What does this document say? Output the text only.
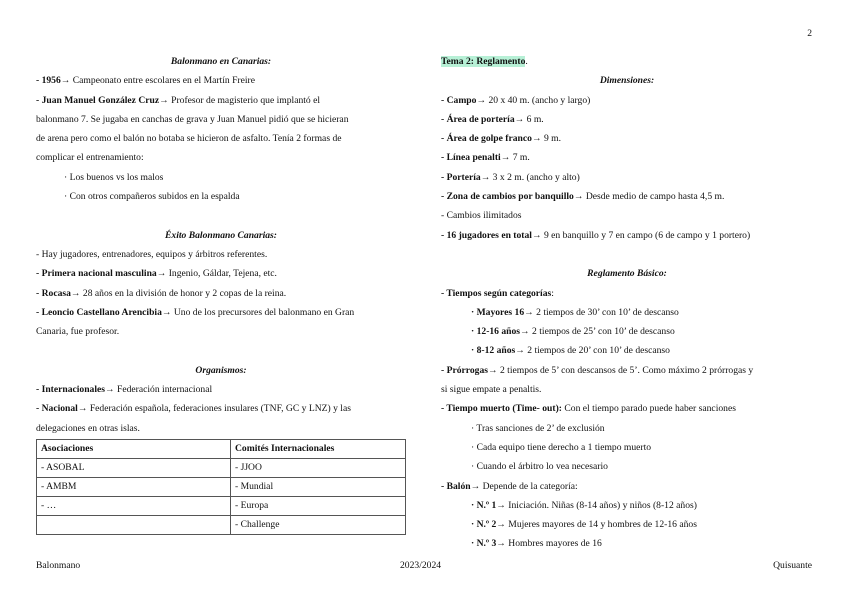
2
Balonmano en Canarias:
- 1956→ Campeonato entre escolares en el Martín Freire
- Juan Manuel González Cruz→ Profesor de magisterio que implantó el
balonmano 7. Se jugaba en canchas de grava y Juan Manuel pidió que se hicieran
de arena pero como el balón no botaba se hicieron de asfalto. Tenía 2 formas de
complicar el entrenamiento:
· Los buenos vs los malos
· Con otros compañeros subidos en la espalda
Éxito Balonmano Canarias:
- Hay jugadores, entrenadores, equipos y árbitros referentes.
- Primera nacional masculina→ Ingenio, Gáldar, Tejena, etc.
- Rocasa→ 28 años en la división de honor y 2 copas de la reina.
- Leoncio Castellano Arencibia→ Uno de los precursores del balonmano en Gran
Canaria, fue profesor.
Organismos:
- Internacionales→ Federación internacional
- Nacional→ Federación española, federaciones insulares (TNF, GC y LNZ) y las
delegaciones en otras islas.
Asociaciones	Comités Internacionales
- ASOBAL	- JJOO
- AMBM	- Mundial
- …	- Europa
	- Challenge
Tema 2: Reglamento.
Dimensiones:
- Campo→ 20 x 40 m. (ancho y largo)
- Área de portería→ 6 m.
- Área de golpe franco→ 9 m.
- Línea penalti→ 7 m.
- Portería→ 3 x 2 m. (ancho y alto)
- Zona de cambios por banquillo→ Desde medio de campo hasta 4,5 m.
- Cambios ilimitados
- 16 jugadores en total→ 9 en banquillo y 7 en campo (6 de campo y 1 portero)
Reglamento Básico:
- Tiempos según categorías:
· Mayores 16→ 2 tiempos de 30’ con 10’ de descanso
· 12-16 años→ 2 tiempos de 25’ con 10’ de descanso
· 8-12 años→ 2 tiempos de 20’ con 10’ de descanso
- Prórrogas→ 2 tiempos de 5’ con descansos de 5’. Como máximo 2 prórrogas y
si sigue empate a penaltis.
- Tiempo muerto (Time- out): Con el tiempo parado puede haber sanciones
· Tras sanciones de 2’ de exclusión
· Cada equipo tiene derecho a 1 tiempo muerto
· Cuando el árbitro lo vea necesario
- Balón→ Depende de la categoría:
· N.º 1→ Iniciación. Niñas (8-14 años) y niños (8-12 años)
· N.º 2→ Mujeres mayores de 14 y hombres de 12-16 años
· N.º 3→ Hombres mayores de 16
Balonmano	2023/2024	Quisuante
